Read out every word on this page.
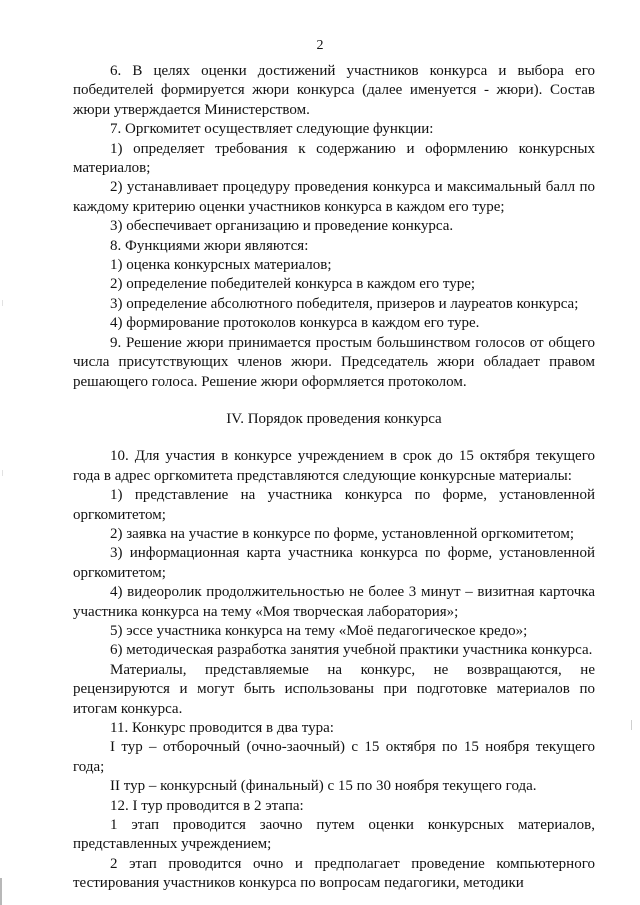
2

6. В целях оценки достижений участников конкурса и выбора его победителей формируется жюри конкурса (далее именуется - жюри). Состав жюри утверждается Министерством.

7. Оргкомитет осуществляет следующие функции:

1) определяет требования к содержанию и оформлению конкурсных материалов;

2) устанавливает процедуру проведения конкурса и максимальный балл по каждому критерию оценки участников конкурса в каждом его туре;

3) обеспечивает организацию и проведение конкурса.

8. Функциями жюри являются:

1) оценка конкурсных материалов;

2) определение победителей конкурса в каждом его туре;

3) определение абсолютного победителя, призеров и лауреатов конкурса;

4) формирование протоколов конкурса в каждом его туре.

9. Решение жюри принимается простым большинством голосов от общего числа присутствующих членов жюри. Председатель жюри обладает правом решающего голоса. Решение жюри оформляется протоколом.

IV. Порядок проведения конкурса

10. Для участия в конкурсе учреждением в срок до 15 октября текущего года в адрес оргкомитета представляются следующие конкурсные материалы:

1) представление на участника конкурса по форме, установленной оргкомитетом;

2) заявка на участие в конкурсе по форме, установленной оргкомитетом;

3) информационная карта участника конкурса по форме, установленной оргкомитетом;

4) видеоролик продолжительностью не более 3 минут – визитная карточка участника конкурса на тему «Моя творческая лаборатория»;

5) эссе участника конкурса на тему «Моё педагогическое кредо»;

6) методическая разработка занятия учебной практики участника конкурса.

Материалы, представляемые на конкурс, не возвращаются, не рецензируются и могут быть использованы при подготовке материалов по итогам конкурса.

11. Конкурс проводится в два тура:

I тур – отборочный (очно-заочный) с 15 октября по 15 ноября текущего года;

II тур – конкурсный (финальный) с 15 по 30 ноября текущего года.

12. I тур проводится в 2 этапа:

1 этап проводится заочно путем оценки конкурсных материалов, представленных учреждением;

2 этап проводится очно и предполагает проведение компьютерного тестирования участников конкурса по вопросам педагогики, методики
